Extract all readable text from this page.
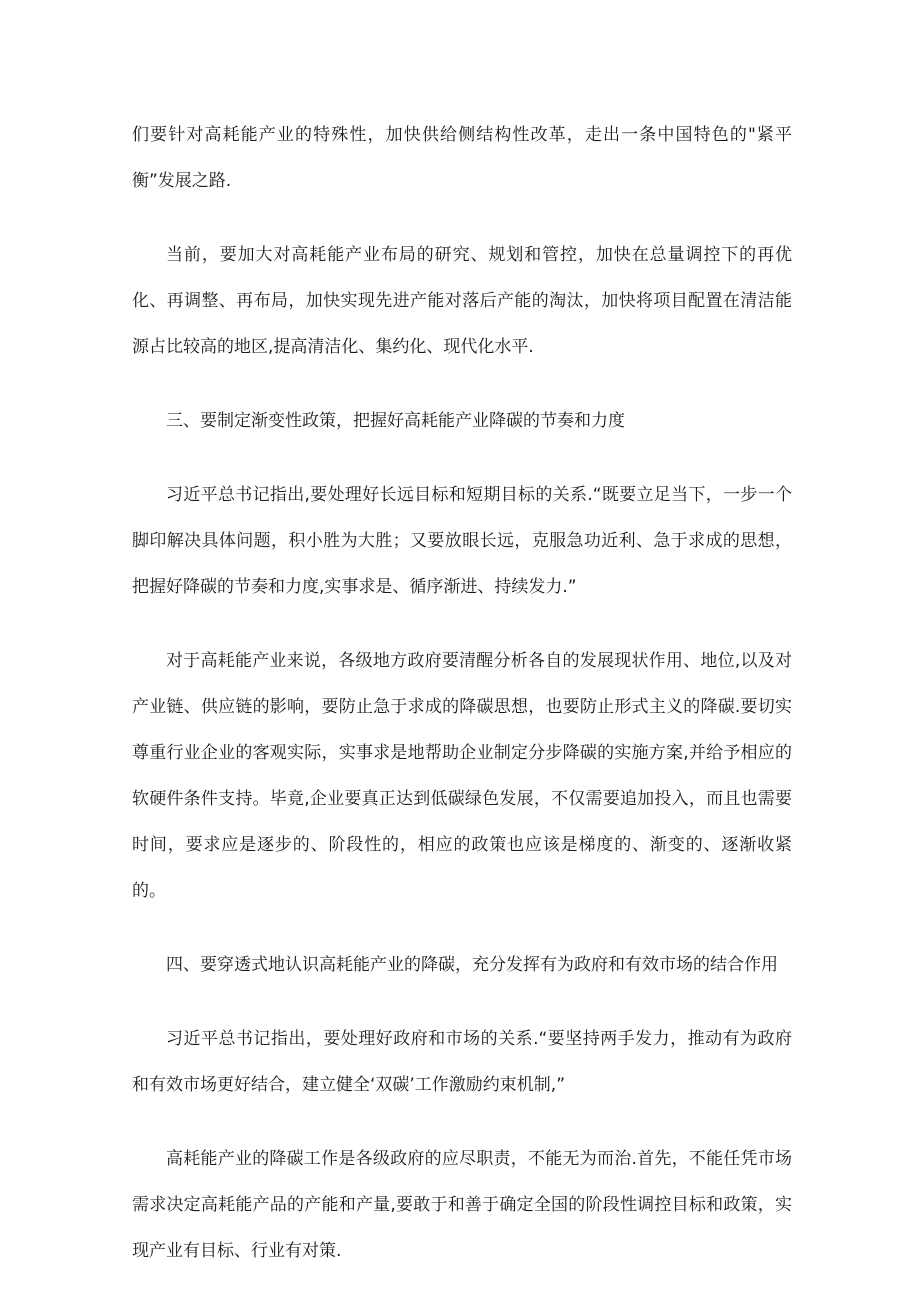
们要针对高耗能产业的特殊性，加快供给侧结构性改革，走出一条中国特色的"紧平衡”发展之路.

当前，要加大对高耗能产业布局的研究、规划和管控，加快在总量调控下的再优化、再调整、再布局，加快实现先进产能对落后产能的淘汰，加快将项目配置在清洁能源占比较高的地区,提高清洁化、集约化、现代化水平.

三、要制定渐变性政策，把握好高耗能产业降碳的节奏和力度

习近平总书记指出,要处理好长远目标和短期目标的关系.“既要立足当下，一步一个脚印解决具体问题，积小胜为大胜；又要放眼长远，克服急功近利、急于求成的思想，把握好降碳的节奏和力度,实事求是、循序渐进、持续发力.”

对于高耗能产业来说，各级地方政府要清醒分析各自的发展现状作用、地位,以及对产业链、供应链的影响，要防止急于求成的降碳思想，也要防止形式主义的降碳.要切实尊重行业企业的客观实际，实事求是地帮助企业制定分步降碳的实施方案,并给予相应的软硬件条件支持。毕竟,企业要真正达到低碳绿色发展，不仅需要追加投入，而且也需要时间，要求应是逐步的、阶段性的，相应的政策也应该是梯度的、渐变的、逐渐收紧的。

四、要穿透式地认识高耗能产业的降碳，充分发挥有为政府和有效市场的结合作用

习近平总书记指出，要处理好政府和市场的关系.“要坚持两手发力，推动有为政府和有效市场更好结合，建立健全‘双碳’工作激励约束机制,”

高耗能产业的降碳工作是各级政府的应尽职责，不能无为而治.首先，不能任凭市场需求决定高耗能产品的产能和产量,要敢于和善于确定全国的阶段性调控目标和政策，实现产业有目标、行业有对策.
